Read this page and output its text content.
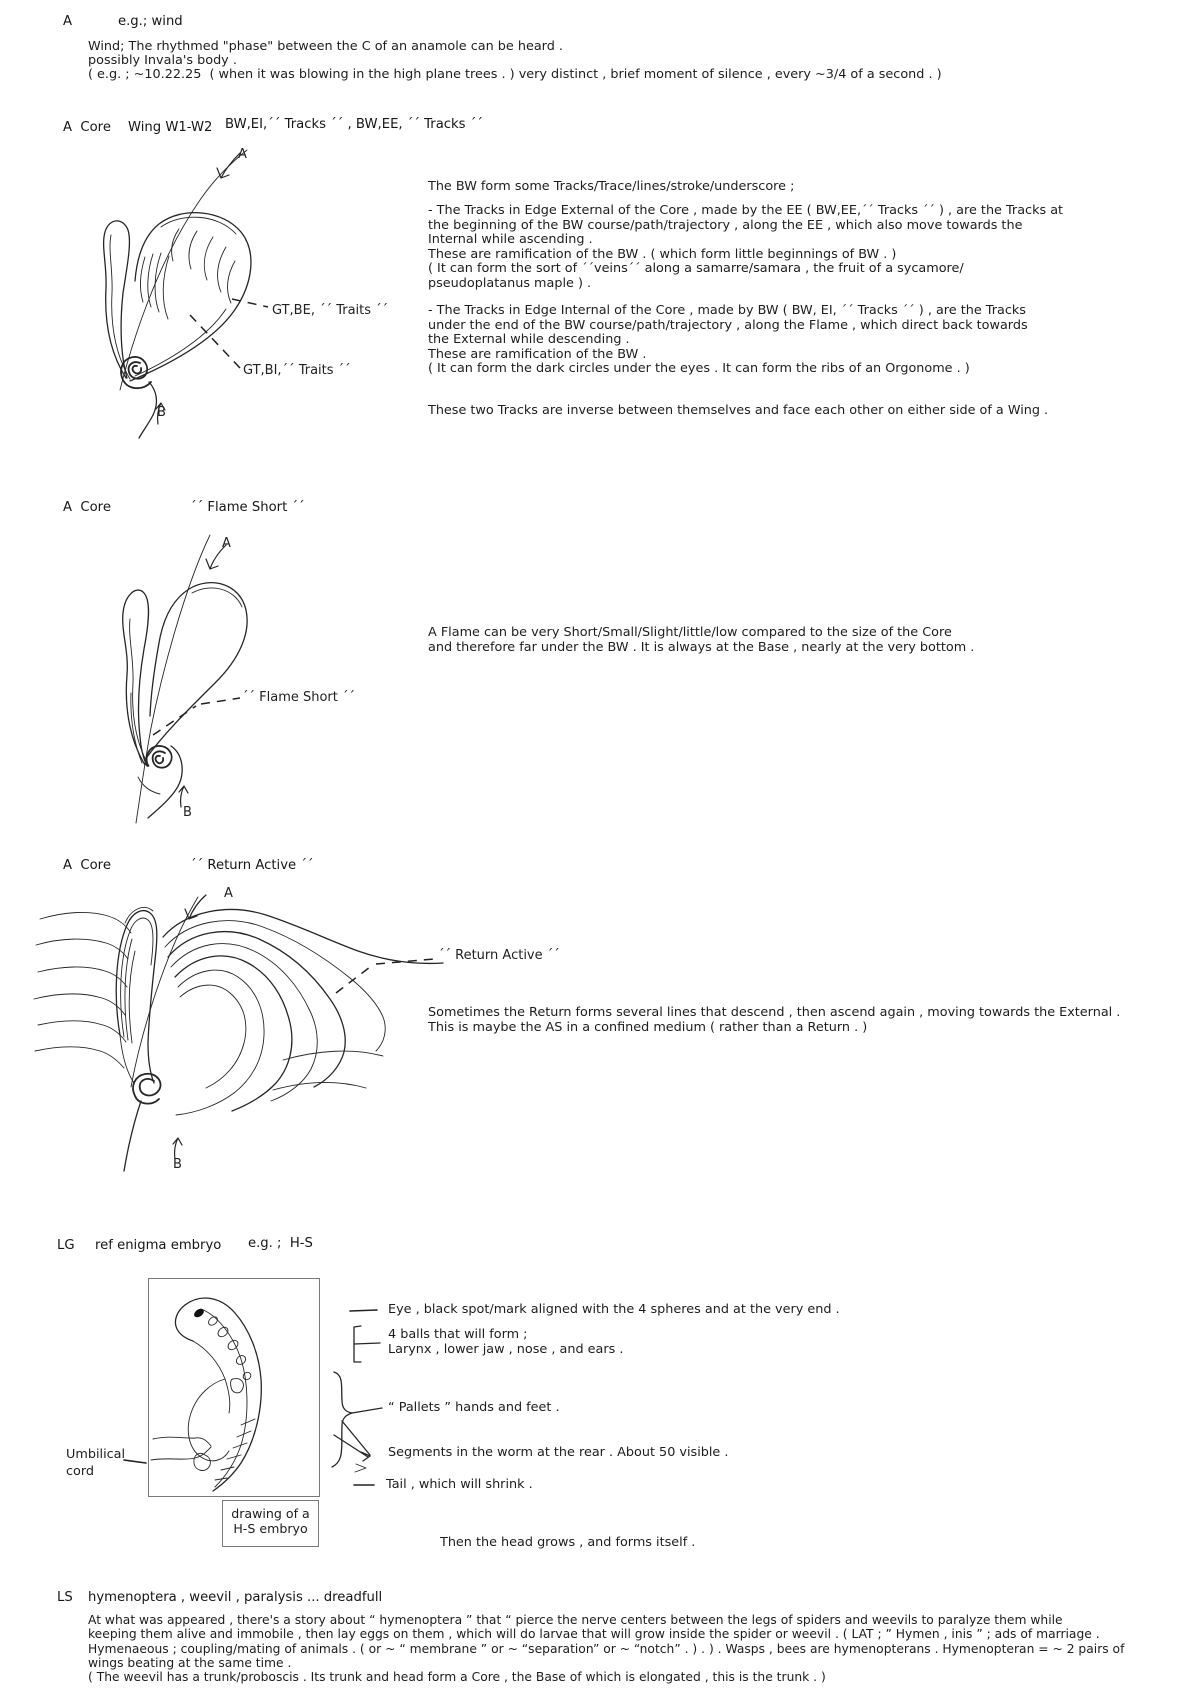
A	e.g.; wind
Wind; The rhythmed "phase" between the C of an anamole can be heard .
possibly Invala's body .
( e.g. ; ~10.22.25  ( when it was blowing in the high plane trees . ) very distinct , brief moment of silence , every ~3/4 of a second . )
A  Core Wing W1-W2 BW,EI,´´ Tracks ´´ , BW,EE, ´´ Tracks ´´
A
B
GT,BE, ´´ Traits ´´
GT,BI,´´ Traits ´´
The BW form some Tracks/Trace/lines/stroke/underscore ;
- The Tracks in Edge External of the Core , made by the EE ( BW,EE,´´ Tracks ´´ ) , are the Tracks at
the beginning of the BW course/path/trajectory , along the EE , which also move towards the
Internal while ascending .
These are ramification of the BW . ( which form little beginnings of BW . )
( It can form the sort of ´´veins´´ along a samarre/samara , the fruit of a sycamore/
pseudoplatanus maple ) .
- The Tracks in Edge Internal of the Core , made by BW ( BW, EI, ´´ Tracks ´´ ) , are the Tracks
under the end of the BW course/path/trajectory , along the Flame , which direct back towards
the External while descending .
These are ramification of the BW .
( It can form the dark circles under the eyes . It can form the ribs of an Orgonome . )
These two Tracks are inverse between themselves and face each other on either side of a Wing .
A  Core	´´ Flame Short ´´
A
B
´´ Flame Short ´´
A Flame can be very Short/Small/Slight/little/low compared to the size of the Core
and therefore far under the BW . It is always at the Base , nearly at the very bottom .
A  Core	´´ Return Active ´´
A
B
´´ Return Active ´´
Sometimes the Return forms several lines that descend , then ascend again , moving towards the External .
This is maybe the AS in a confined medium ( rather than a Return . )
LG ref enigma embryo e.g. ;  H-S
drawing of a
H-S embryo
Umbilical
cord
Eye , black spot/mark aligned with the 4 spheres and at the very end .
4 balls that will form ;
Larynx , lower jaw , nose , and ears .
“ Pallets ” hands and feet .
Segments in the worm at the rear . About 50 visible .
Tail , which will shrink .
Then the head grows , and forms itself .
LS hymenoptera , weevil , paralysis ... dreadfull
At what was appeared , there's a story about “ hymenoptera ” that “ pierce the nerve centers between the legs of spiders and weevils to paralyze them while
keeping them alive and immobile , then lay eggs on them , which will do larvae that will grow inside the spider or weevil . ( LAT ; ” Hymen , inis ” ; ads of marriage .
Hymenaeous ; coupling/mating of animals . ( or ~ “ membrane ” or ~ “separation” or ~ “notch” . ) . ) . Wasps , bees are hymenopterans . Hymenopteran = ~ 2 pairs of
wings beating at the same time .
( The weevil has a trunk/proboscis . Its trunk and head form a Core , the Base of which is elongated , this is the trunk . )
